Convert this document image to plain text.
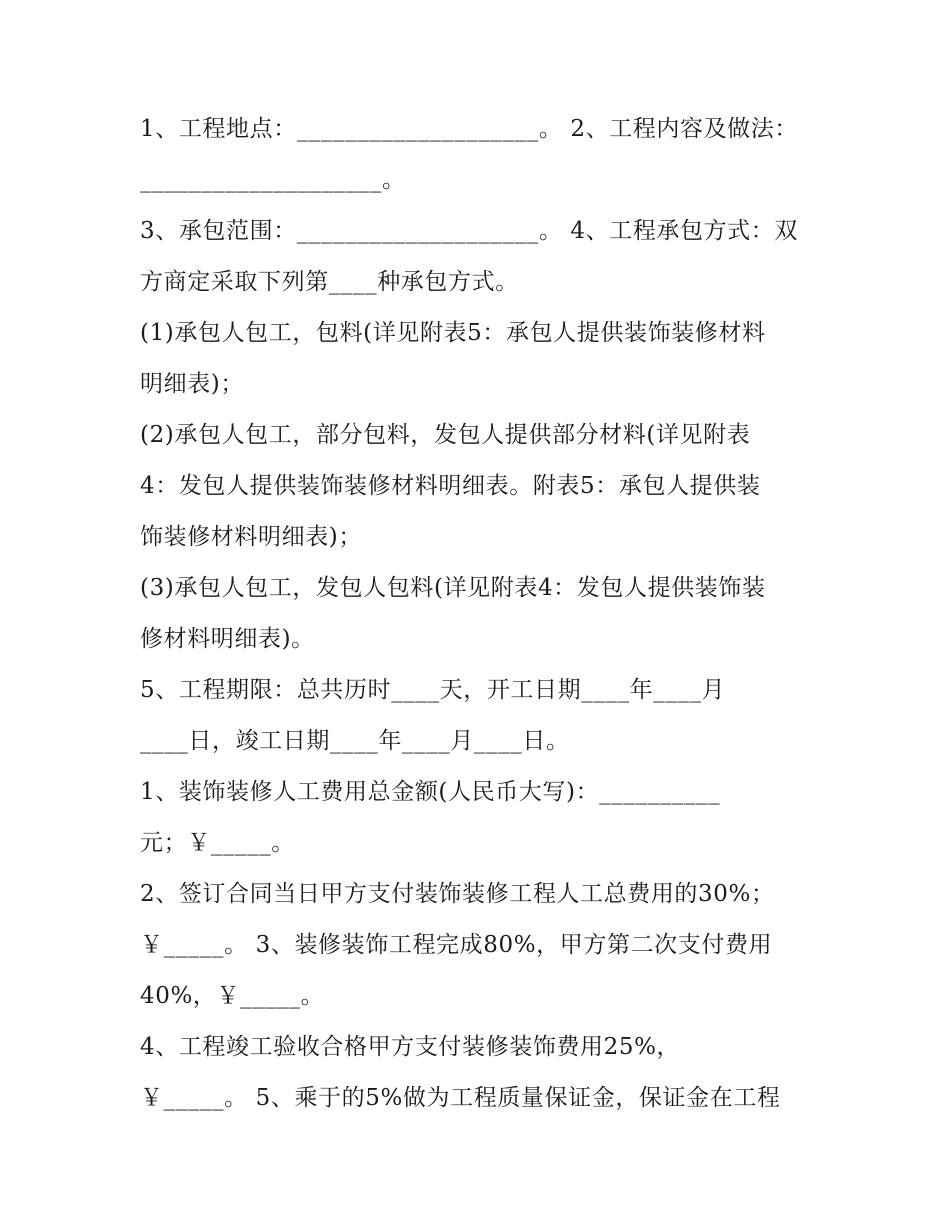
1、工程地点：____________________。 2、工程内容及做法：
____________________。
3、承包范围：____________________。 4、工程承包方式：双
方商定采取下列第____种承包方式。
(1)承包人包工，包料(详见附表5：承包人提供装饰装修材料
明细表)；
(2)承包人包工，部分包料，发包人提供部分材料(详见附表
4：发包人提供装饰装修材料明细表。附表5：承包人提供装
饰装修材料明细表)；
(3)承包人包工，发包人包料(详见附表4：发包人提供装饰装
修材料明细表)。
5、工程期限：总共历时____天，开工日期____年____月
____日，竣工日期____年____月____日。
1、装饰装修人工费用总金额(人民币大写)：__________
元；￥_____。
2、签订合同当日甲方支付装饰装修工程人工总费用的30%；
￥_____。 3、装修装饰工程完成80%，甲方第二次支付费用
40%，￥_____。
4、工程竣工验收合格甲方支付装修装饰费用25%，
￥_____。 5、乘于的5%做为工程质量保证金，保证金在工程
